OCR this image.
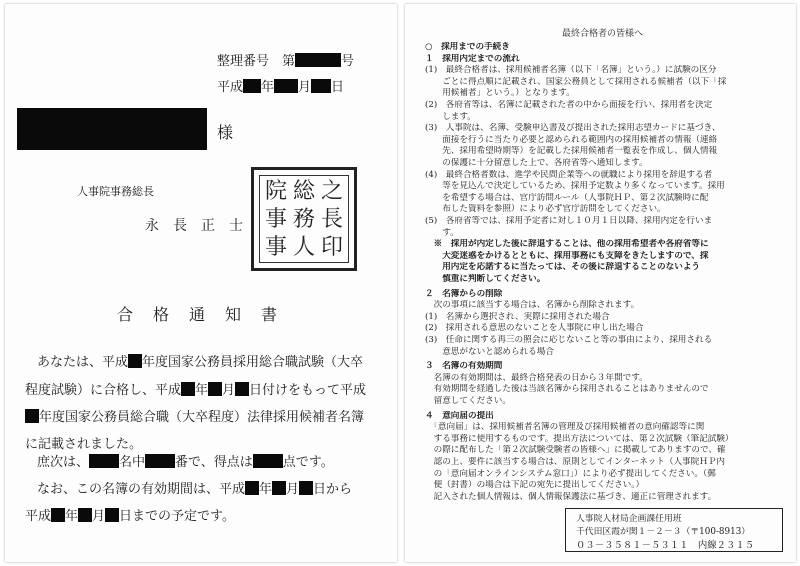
整理番号　第	号
平成 年 月 日
様
人事院事務総長
永　長　正　士
院 総 之
事 務 長
事 人 印
合　格　通　知　書
あなたは、平成 年度国家公務員採用総合職試験（大卒
程度試験）に合格し、平成 年 月 日付けをもって平成
年度国家公務員総合職（大卒程度）法律採用候補者名簿
に記載されました。
庶次は、 名中 番で、得点は 点です。
なお、この名簿の有効期間は、平成 年 月 日から
平成 年 月 日までの予定です。
最終合格者の皆様へ
○　採用までの手続き
１　採用内定までの流れ
(1)　最終合格者は、採用候補者名簿（以下「名簿」という。）に試験の区分
　　ごとに得点順に記載され、国家公務員として採用される候補者（以下「採
　　用候補者」という。）となります。
(2)　各府省等は、名簿に記載された者の中から面接を行い、採用者を決定
　　します。
(3)　人事院は、名簿、受験申込書及び提出された採用志望カードに基づき、
　　面接を行うに当たり必要と認められる範囲内の採用候補者の情報（連絡
　　先、採用希望時期等）を記載した採用候補者一覧表を作成し、個人情報
　　の保護に十分留意した上で、各府省等へ通知します。
(4)　最終合格者数は、進学や民間企業等への就職により採用を辞退する者
　　等を見込んで決定しているため、採用予定数より多くなっています。採用
　　を希望する場合は、官庁訪問ルール（人事院ＨＰ、第２次試験時に配
　　布した資料を参照）により必ず官庁訪問をしてください。
(5)　各府省等では、採用予定者に対し１０月１日以降、採用内定を行いま
　　す。
　※　採用が内定した後に辞退することは、他の採用希望者や各府省等に
　　大変迷惑をかけるとともに、採用事務にも支障をきたしますので、採
　　用内定を応諾するに当たっては、その後に辞退することのないよう
　　慎重に判断してください。
２　名簿からの削除
　次の事項に該当する場合は、名簿から削除されます。
(1)　名簿から選択され、実際に採用された場合
(2)　採用される意思のないことを人事院に申し出た場合
(3)　任命に関する再三の照会に応じないこと等の事由により、採用される
　　意思がないと認められる場合
３　名簿の有効期間
　名簿の有効期間は、最終合格発表の日から３年間です。
　有効期間を経過した後は当該名簿から採用されることはありませんので
　留意してください。
４　意向届の提出
　「意向届」は、採用候補者名簿の管理及び採用候補者の意向確認等に関
　する事務に使用するものです。提出方法については、第２次試験（筆記試験）
　の際に配布した「第２次試験受験者の皆様へ」に掲載してありますので、確
　認の上、要件に該当する場合は、原則としてインターネット（人事院ＨＰ内
　の「意向届オンラインシステム窓口」）により必ず提出してください。（郵
　便（封書）の場合は下記の宛先に提出してください。）
　記入された個人情報は、個人情報保護法に基づき、適正に管理されます。
人事院人材局企画課任用班
千代田区霞が関１－２－３（〒100-8913）
０３－３５８１－５３１１　内線２３１５
